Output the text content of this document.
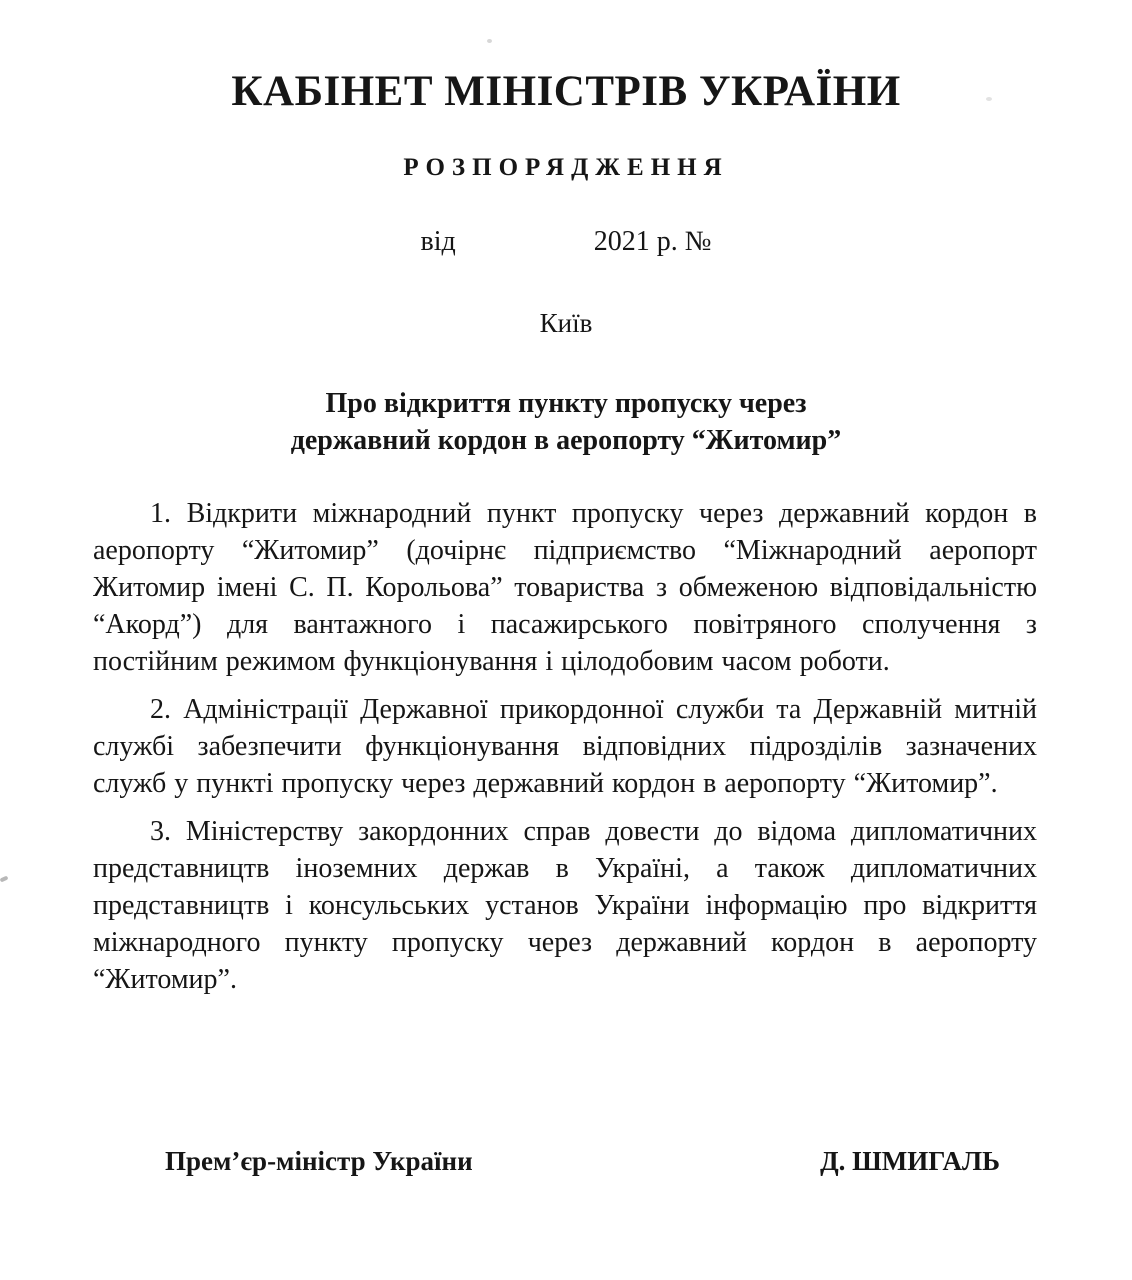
КАБІНЕТ МІНІСТРІВ УКРАЇНИ
РОЗПОРЯДЖЕННЯ
від	2021 р. №
Київ
Про відкриття пункту пропуску через
державний кордон в аеропорту “Житомир”

1. Відкрити міжнародний пункт пропуску через державний кордон в аеропорту “Житомир” (дочірнє підприємство “Міжнародний аеропорт Житомир імені С. П. Корольова” товариства з обмеженою відповідальністю “Акорд”) для вантажного і пасажирського повітряного сполучення з постійним режимом функціонування і цілодобовим часом роботи.

2. Адміністрації Державної прикордонної служби та Державній митній службі забезпечити функціонування відповідних підрозділів зазначених служб у пункті пропуску через державний кордон в аеропорту “Житомир”.

3. Міністерству закордонних справ довести до відома дипломатичних представництв іноземних держав в Україні, а також дипломатичних представництв і консульських установ України інформацію про відкриття міжнародного пункту пропуску через державний кордон в аеропорту “Житомир”.

Прем’єр-міністр України	Д. ШМИГАЛЬ
